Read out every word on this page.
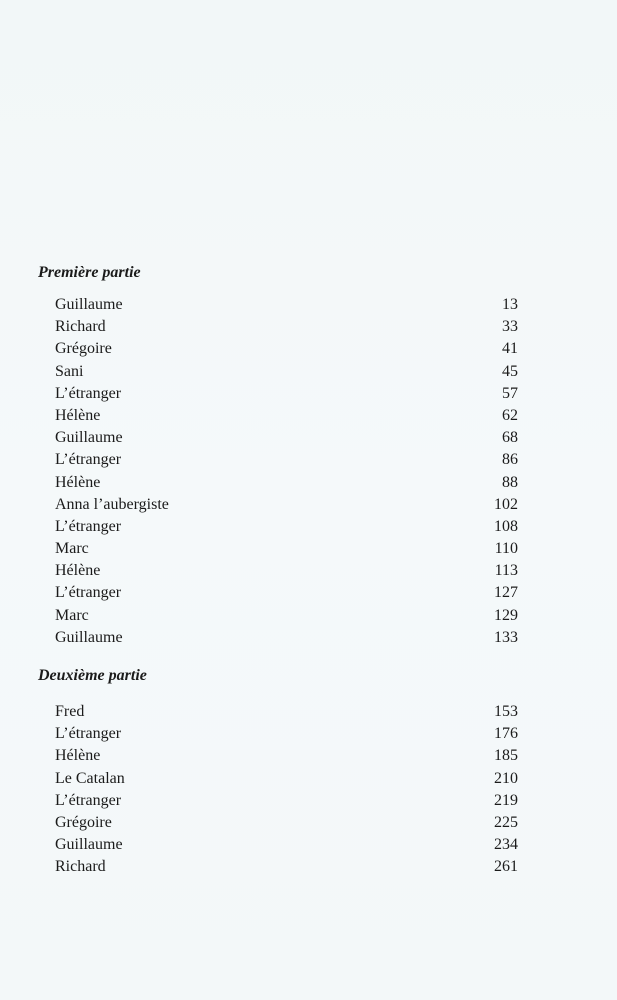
Première partie
Guillaume	13
Richard	33
Grégoire	41
Sani	45
L’étranger	57
Hélène	62
Guillaume	68
L’étranger	86
Hélène	88
Anna l’aubergiste	102
L’étranger	108
Marc	110
Hélène	113
L’étranger	127
Marc	129
Guillaume	133
Deuxième partie
Fred	153
L’étranger	176
Hélène	185
Le Catalan	210
L’étranger	219
Grégoire	225
Guillaume	234
Richard	261
